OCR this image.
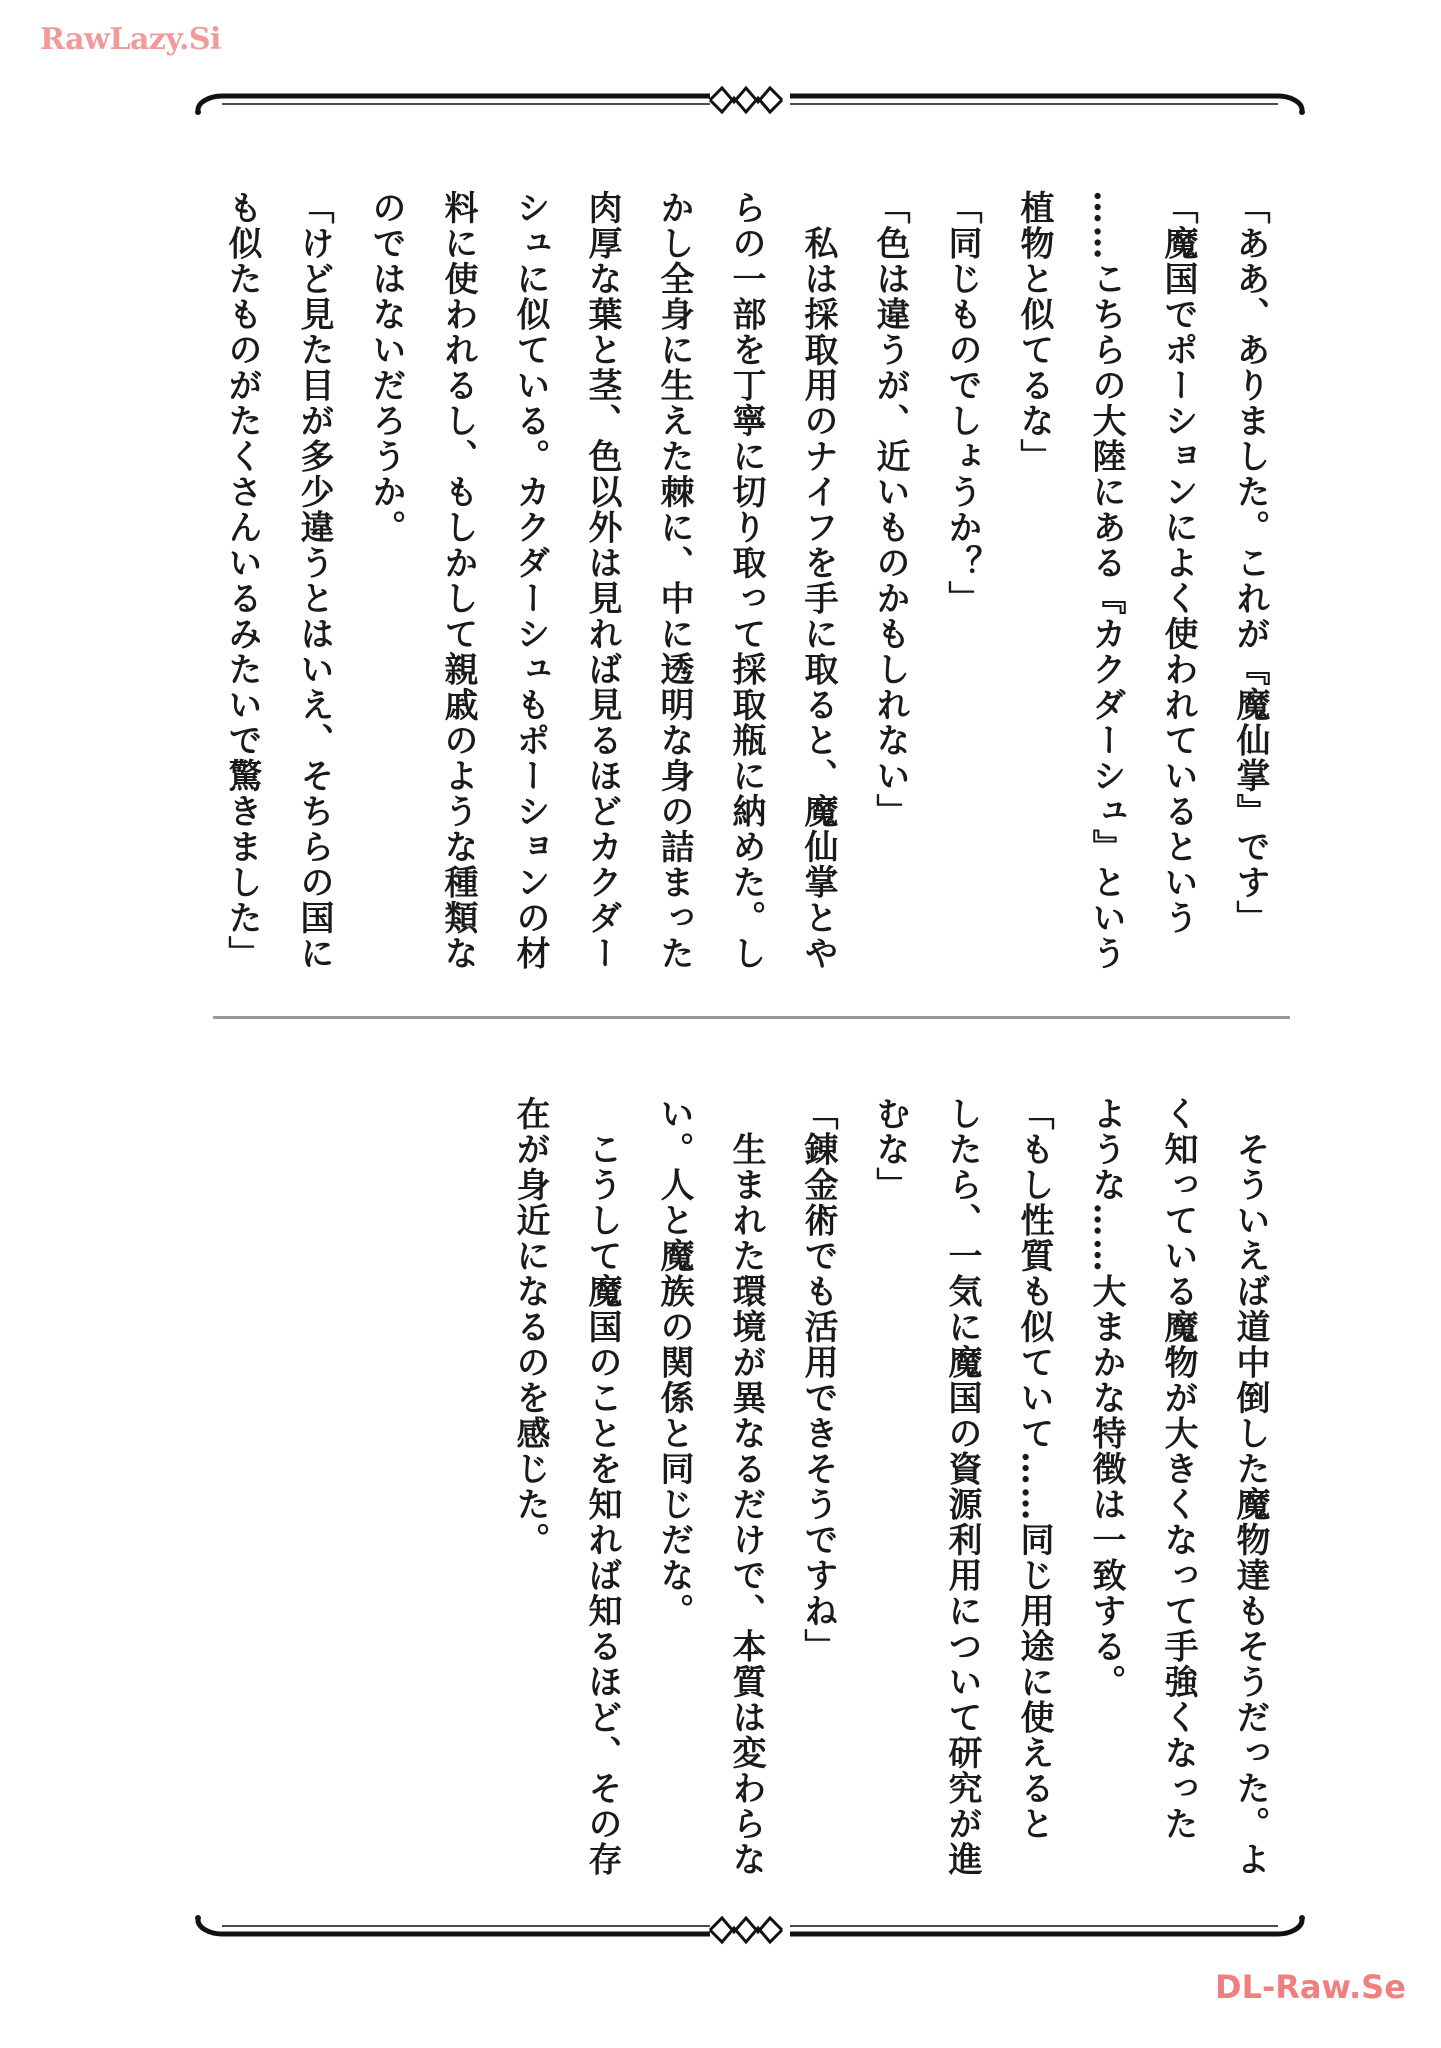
RawLazy.Si
「ああ、ありました。これが『魔仙掌』です」
「魔国でポーションによく使われているという
……こちらの大陸にある『カクダーシュ』という
植物と似てるな」
「同じものでしょうか？」
「色は違うが、近いものかもしれない」
　私は採取用のナイフを手に取ると、魔仙掌とや
らの一部を丁寧に切り取って採取瓶に納めた。し
かし全身に生えた棘に、中に透明な身の詰まった
肉厚な葉と茎、色以外は見れば見るほどカクダー
シュに似ている。カクダーシュもポーションの材
料に使われるし、もしかして親戚のような種類な
のではないだろうか。
「けど見た目が多少違うとはいえ、そちらの国に
も似たものがたくさんいるみたいで驚きました」
　そういえば道中倒した魔物達もそうだった。よ
く知っている魔物が大きくなって手強くなった
ような……大まかな特徴は一致する。
「もし性質も似ていて……同じ用途に使えると
したら、一気に魔国の資源利用について研究が進
むな」
「錬金術でも活用できそうですね」
　生まれた環境が異なるだけで、本質は変わらな
い。人と魔族の関係と同じだな。
　こうして魔国のことを知れば知るほど、その存
在が身近になるのを感じた。
DL-Raw.Se
